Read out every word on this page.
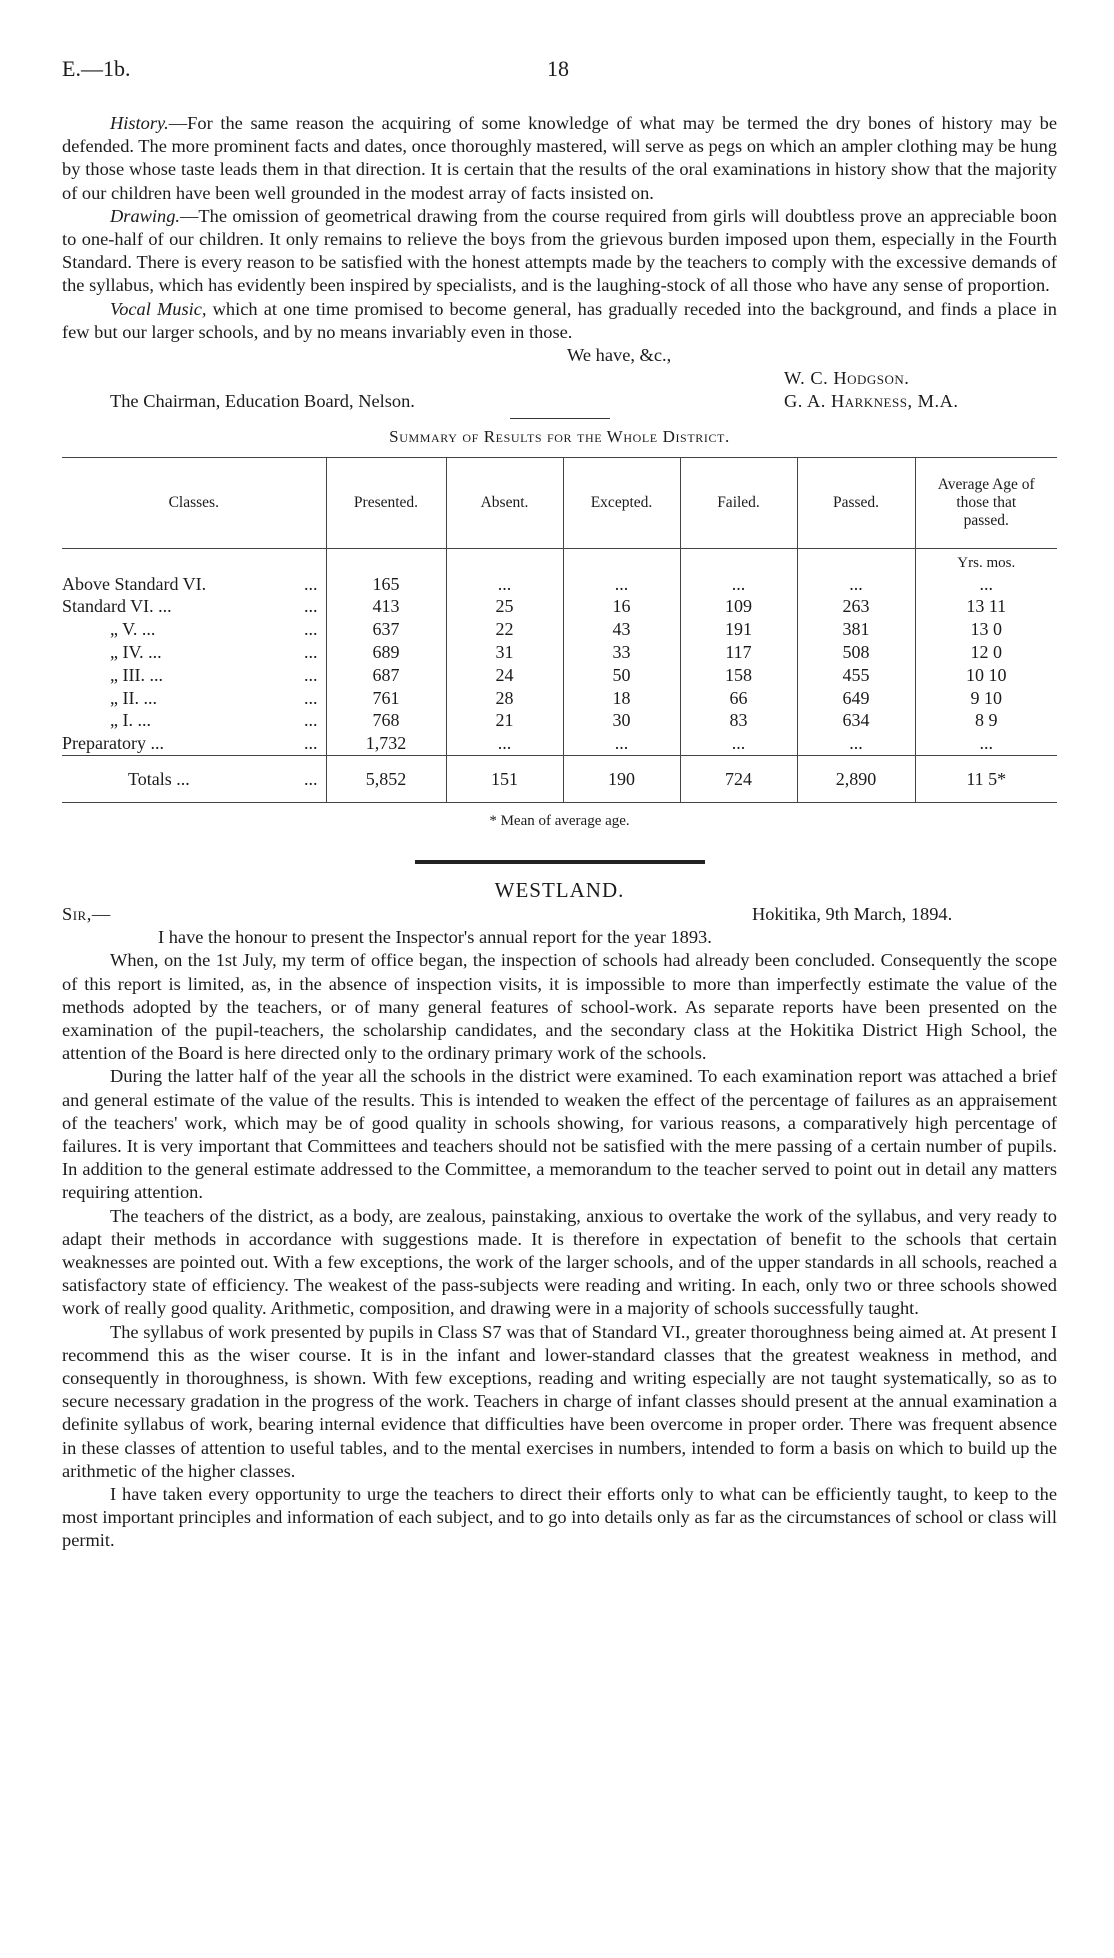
E.—1b.	18

History.—For the same reason the acquiring of some knowledge of what may be termed the dry bones of history may be defended. The more prominent facts and dates, once thoroughly mastered, will serve as pegs on which an ampler clothing may be hung by those whose taste leads them in that direction. It is certain that the results of the oral examinations in history show that the majority of our children have been well grounded in the modest array of facts insisted on.

Drawing.—The omission of geometrical drawing from the course required from girls will doubtless prove an appreciable boon to one-half of our children. It only remains to relieve the boys from the grievous burden imposed upon them, especially in the Fourth Standard. There is every reason to be satisfied with the honest attempts made by the teachers to comply with the excessive demands of the syllabus, which has evidently been inspired by specialists, and is the laughing-stock of all those who have any sense of proportion.

Vocal Music, which at one time promised to become general, has gradually receded into the background, and finds a place in few but our larger schools, and by no means invariably even in those.

We have, &c.,
W. C. Hodgson.
The Chairman, Education Board, Nelson.	G. A. Harkness, M.A.
Summary of Results for the Whole District.
Classes.	Presented.	Absent.	Excepted.	Failed.	Passed.	Average Age of those that passed.
						Yrs. mos.
Above Standard VI. ...	165	...	...	...	...	...
Standard VI. ... ...	413	25	16	109	263	13 11
„ V. ... ...	637	22	43	191	381	13 0
„ IV. ... ...	689	31	33	117	508	12 0
„ III. ... ...	687	24	50	158	455	10 10
„ II. ... ...	761	28	18	66	649	9 10
„ I. ... ...	768	21	30	83	634	8 9
Preparatory ... ...	1,732	...	...	...	...	...
Totals ... ...	5,852	151	190	724	2,890	11 5*
* Mean of average age.
WESTLAND.
Sir,—	Hokitika, 9th March, 1894.

I have the honour to present the Inspector's annual report for the year 1893.

When, on the 1st July, my term of office began, the inspection of schools had already been concluded. Consequently the scope of this report is limited, as, in the absence of inspection visits, it is impossible to more than imperfectly estimate the value of the methods adopted by the teachers, or of many general features of school-work. As separate reports have been presented on the examination of the pupil-teachers, the scholarship candidates, and the secondary class at the Hokitika District High School, the attention of the Board is here directed only to the ordinary primary work of the schools.

During the latter half of the year all the schools in the district were examined. To each examination report was attached a brief and general estimate of the value of the results. This is intended to weaken the effect of the percentage of failures as an appraisement of the teachers' work, which may be of good quality in schools showing, for various reasons, a comparatively high percentage of failures. It is very important that Committees and teachers should not be satisfied with the mere passing of a certain number of pupils. In addition to the general estimate addressed to the Committee, a memorandum to the teacher served to point out in detail any matters requiring attention.

The teachers of the district, as a body, are zealous, painstaking, anxious to overtake the work of the syllabus, and very ready to adapt their methods in accordance with suggestions made. It is therefore in expectation of benefit to the schools that certain weaknesses are pointed out. With a few exceptions, the work of the larger schools, and of the upper standards in all schools, reached a satisfactory state of efficiency. The weakest of the pass-subjects were reading and writing. In each, only two or three schools showed work of really good quality. Arithmetic, composition, and drawing were in a majority of schools successfully taught.

The syllabus of work presented by pupils in Class S7 was that of Standard VI., greater thoroughness being aimed at. At present I recommend this as the wiser course. It is in the infant and lower-standard classes that the greatest weakness in method, and consequently in thoroughness, is shown. With few exceptions, reading and writing especially are not taught systematically, so as to secure necessary gradation in the progress of the work. Teachers in charge of infant classes should present at the annual examination a definite syllabus of work, bearing internal evidence that difficulties have been overcome in proper order. There was frequent absence in these classes of attention to useful tables, and to the mental exercises in numbers, intended to form a basis on which to build up the arithmetic of the higher classes.

I have taken every opportunity to urge the teachers to direct their efforts only to what can be efficiently taught, to keep to the most important principles and information of each subject, and to go into details only as far as the circumstances of school or class will permit.
